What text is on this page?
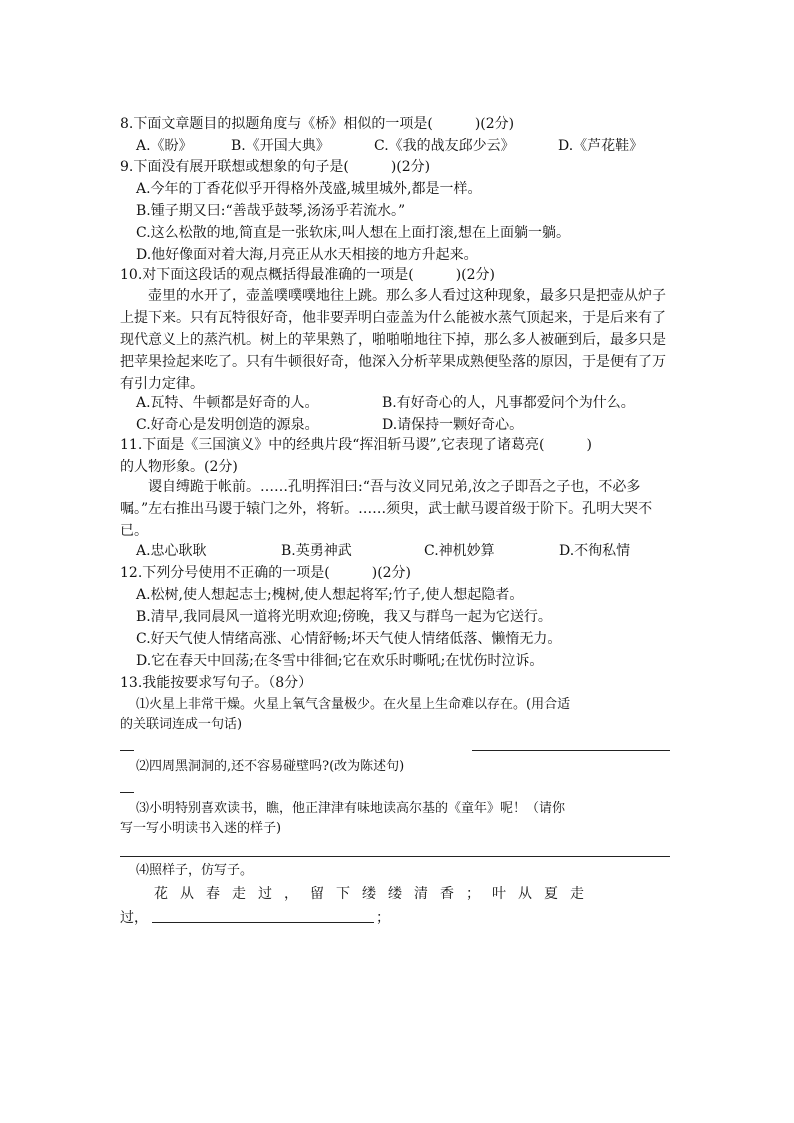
8.下面文章题目的拟题角度与《桥》相似的一项是(　　　)(2分)
A.《盼》	B.《开国大典》	C.《我的战友邱少云》	D.《芦花鞋》
9.下面没有展开联想或想象的句子是(　　　)(2分)
A.今年的丁香花似乎开得格外茂盛,城里城外,都是一样。
B.锺子期又曰:“善哉乎鼓琴,汤汤乎若流水。”
C.这么松散的地,简直是一张软床,叫人想在上面打滚,想在上面躺一躺。
D.他好像面对着大海,月亮正从水天相接的地方升起来。
10.对下面这段话的观点概括得最准确的一项是(　　　)(2分)
壶里的水开了，壶盖噗噗噗地往上跳。那么多人看过这种现象，最多只是把壶从炉子上提下来。只有瓦特很好奇，他非要弄明白壶盖为什么能被水蒸气顶起来，于是后来有了现代意义上的蒸汽机。树上的苹果熟了，啪啪啪地往下掉，那么多人被砸到后，最多只是把苹果捡起来吃了。只有牛顿很好奇，他深入分析苹果成熟便坠落的原因，于是便有了万有引力定律。
A.瓦特、牛顿都是好奇的人。	B.有好奇心的人，凡事都爱问个为什么。
C.好奇心是发明创造的源泉。	D.请保持一颗好奇心。
11.下面是《三国演义》中的经典片段“挥泪斩马谡”,它表现了诸葛亮(　　　)
的人物形象。(2分)
谡自缚跪于帐前。……孔明挥泪曰:“吾与汝义同兄弟,汝之子即吾之子也，不必多嘱。”左右推出马谡于辕门之外，将斩。……须臾，武士献马谡首级于阶下。孔明大哭不已。
A.忠心耿耿	B.英勇神武	C.神机妙算	D.不徇私情
12.下列分号使用不正确的一项是(　　　)(2分)
A.松树,使人想起志士;槐树,使人想起将军;竹子,使人想起隐者。
B.清早,我同晨风一道将光明欢迎;傍晚，我又与群鸟一起为它送行。
C.好天气使人情绪高涨、心情舒畅;坏天气使人情绪低落、懒惰无力。
D.它在春天中回荡;在冬雪中徘徊;它在欢乐时嘶吼;在忧伤时泣诉。
13.我能按要求写句子。（8分）
⑴火星上非常干燥。火星上氧气含量极少。在火星上生命难以存在。(用合适
的关联词连成一句话)
⑵四周黑洞洞的,还不容易碰壁吗?(改为陈述句)
⑶小明特别喜欢读书，瞧，他正津津有味地读高尔基的《童年》呢！（请你
写一写小明读书入迷的样子)
⑷照样子，仿写子。
花从春走过，留下缕缕清香；叶从夏走
过，	；
